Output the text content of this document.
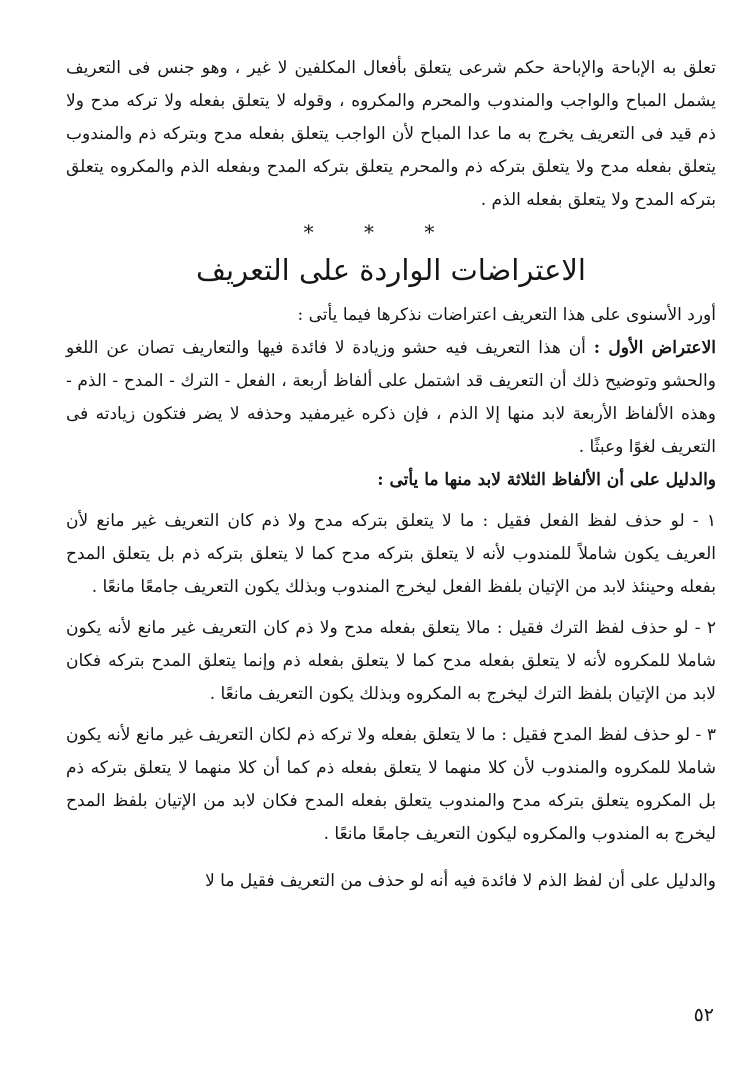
تعلق به الإباحة والإباحة حكم شرعى يتعلق بأفعال المكلفين لا غير ، وهو جنس فى التعريف يشمل المباح والواجب والمندوب والمحرم والمكروه ، وقوله لا يتعلق بفعله ولا تركه مدح ولا ذم قيد فى التعريف يخرج به ما عدا المباح لأن الواجب يتعلق بفعله مدح وبتركه ذم والمندوب يتعلق بفعله مدح ولا يتعلق بتركه ذم والمحرم يتعلق بتركه المدح وبفعله الذم والمكروه يتعلق بتركه المدح ولا يتعلق بفعله الذم .

* * *
الاعتراضات الواردة على التعريف

أورد الأسنوى على هذا التعريف اعتراضات نذكرها فيما يأتى :

الاعتراض الأول : أن هذا التعريف فيه حشو وزيادة لا فائدة فيها والتعاريف تصان عن اللغو والحشو وتوضيح ذلك أن التعريف قد اشتمل على ألفاظ أربعة ، الفعل - الترك - المدح - الذم - وهذه الألفاظ الأربعة لابد منها إلا الذم ، فإن ذكره غيرمفيد وحذفه لا يضر فتكون زيادته فى التعريف لغوًا وعبثًا .

والدليل على أن الألفاظ الثلاثة لابد منها ما يأتى :

١ - لو حذف لفظ الفعل فقيل : ما لا يتعلق بتركه مدح ولا ذم كان التعريف غير مانع لأن العريف يكون شاملاً للمندوب لأنه لا يتعلق بتركه مدح كما لا يتعلق بتركه ذم بل يتعلق المدح بفعله وحينئذ لابد من الإتيان بلفظ الفعل ليخرج المندوب وبذلك يكون التعريف جامعًا مانعًا .

٢ - لو حذف لفظ الترك فقيل : مالا يتعلق بفعله مدح ولا ذم كان التعريف غير مانع لأنه يكون شاملا للمكروه لأنه لا يتعلق بفعله مدح كما لا يتعلق بفعله ذم وإنما يتعلق المدح بتركه فكان لابد من الإتيان بلفظ الترك ليخرج به المكروه وبذلك يكون التعريف مانعًا .

٣ - لو حذف لفظ المدح فقيل : ما لا يتعلق بفعله ولا تركه ذم لكان التعريف غير مانع لأنه يكون شاملا للمكروه والمندوب لأن كلا منهما لا يتعلق بفعله ذم كما أن كلا منهما لا يتعلق بتركه ذم بل المكروه يتعلق بتركه مدح والمندوب يتعلق بفعله المدح فكان لابد من الإتيان بلفظ المدح ليخرج به المندوب والمكروه ليكون التعريف جامعًا مانعًا .

والدليل على أن لفظ الذم لا فائدة فيه أنه لو حذف من التعريف فقيل ما لا

٥٢
